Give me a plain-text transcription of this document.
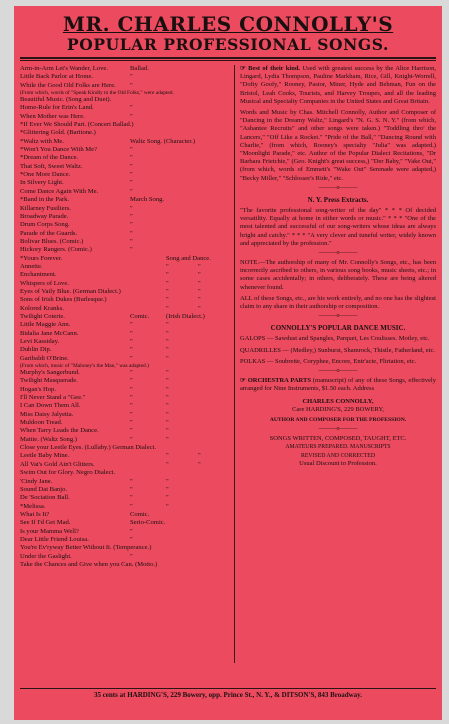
MR. CHARLES CONNOLLY'S
POPULAR PROFESSIONAL SONGS.
Arm-in-Arm Let's Wander, Love.	Ballad.
Little Back Parlor at Home.	"
While the Good Old Folks are Here. "
(From which, words of "Speak Kindly to the Old Folks," were adapted.
Beautiful Music. (Song and Duet).
Home-Rule for Erin's Land.	"
When Mother was Here.	"
*If Ever We Should Part. (Concert Ballad.)
*Glittering Gold. (Baritone.)
*Waltz with Me.	Waltz Song. (Character.)
*Won't You Dance With Me?	"
*Dream of the Dance.	"
That Soft, Sweet Waltz.	"
*One More Dance.	"
In Silvery Light.	"
Come Dance Again With Me.	"
*Band in the Park.	March Song.
Killarney Fusiliers.	"
Broadway Parade.	"
Drum Corps Song.	"
Parade of the Guards.	"
Bolivar Blues. (Comic.)	"
Hickory Rangers. (Comic.)	"
*Yours Forever.	Song and Dance.
Annette.	"	"
Enchantment.	"	"
Whispers of Love.	"	"
Eyes of Vaily Blue. (German Dialect.)	"	"
Sons of Irish Dukes (Burlesque.)	"	"
Kolored Kranks.	"	"
Twilight Coterie.	Comic.	(Irish Dialect.)
Little Maggie Ann.	"	"
Bidalia Jane McCann.	"	"
Levi Kassiday.	"	"
Dublin Dip.	"	"
Garibaldi O'Brine.	"	"
(From which, music of "Maloney's the Man," was adapted.)
Murphy's Sangerbund.	"	"
Twilight Masquerade.	"	"
Hogan's Hop.	"	"
I'll Never Stand a "Gee."	"	"
I Can Down Them All.	"	"
Miss Daisy Jalyetta.	"	"
Muldoon Tread.	"	"
When Tarry Leads the Dance.	"	"
Mattie. (Waltz Song.)	"	"
Close your Leetle Eyes. (Lullaby.) German Dialect.
Leetle Baby Mine.	"	"
All Vat's Gold Ain't Glitters.	"	"
Swim Out for Glory. Negro Dialect.
'Cindy Jane.	"	"
Sound Dat Banjo.	"	"
De 'Sociation Ball.	"	"
*Melissa.	"	"
What Is It?	Comic.
See If I'd Get Mad.	Serio-Comic.
Is your Mamma Well?	"
Dear Little Friend Louisa.	"
You're Ev'ryway Better Without It. (Temperance.)
Under the Gaslight.	"
Take the Chances and Give when you Can. (Motto.)

☞ Best of their kind. Used with greatest success by the Alice Harrison, Lingard, Lydia Thompson, Pauline Markham, Rice, Gill, Knight-Worrell, "Dofty Goofy," Rooney, Pastor, Miner, Hyde and Behman, Fun on the Bristol, Leah Cooks, Tourists, and Harvey Troupes, and all the leading Musical and Specialty Companies in the United States and Great Britain.

Words and Music by Chas. Mitchell Connolly, Author and Composer of "Dancing in the Dreamy Waltz," Lingard's "N. G. S. N. Y." (from which, "Ashantee Recruits" and other songs were taken.) "Toddling thro' the Lancers," "Off Like a Rocket." "Pride of the Ball," "Dancing Round with Charlie," (from which, Rooney's specialty "Julia" was adapted.) "Moonlight Parade," etc. Author of the Popular Dialect Recitations, "Dr Barbara Frietchie," (Geo. Knight's great success,) "Der Baby," "Vake Out," (from which, words of Emmett's "Wake Out" Serenade were adapted,) "Becky Miller," "Schlosser's Ride," etc.

———o———
N. Y. Press Extracts.

"The favorite professional song-writer of the day" * * * Of decided versatility. Equally at home in either words or music." * * * "One of the most talented and successful of our song-writers whose ideas are always bright and catchy." * * * "A very clever and tuneful writer, widely known and appreciated by the profession."

———o———

NOTE.—The authorship of many of Mr. Connolly's Songs, etc., has been incorrectly ascribed to others, in various song books, music sheets, etc.; in some cases accidentally; in others, deliberately. These are being altered whenever found.

ALL of these Songs, etc., are his work entirely, and no one has the slightest claim to any share in their authorship or composition.

———o———
CONNOLLY'S POPULAR DANCE MUSIC.

GALOPS — Sawdust and Spangles, Parquet, Les Coulisses. Motley, etc.

QUADRILLES — (Medley,) Sunburst, Shamrock, Thistle, Fatherland, etc.

POLKAS — Soubrette, Coryphee, Encore, Entr'acte, Flirtation, etc.

———o———

☞ ORCHESTRA PARTS (manuscript) of any of these Songs, effectively arranged for Nine Instruments, $1.50 each. Address

CHARLES CONNOLLY,
Care HARDING'S, 229 BOWERY,
AUTHOR AND COMPOSER FOR THE PROFESSION.
———o———
SONGS WRITTEN, COMPOSED, TAUGHT, ETC.
AMATEURS PREPARED. MANUSCRIPTS
REVISED AND CORRECTED
Usual Discount to Profession.
35 cents at HARDING'S, 229 Bowery, opp. Prince St., N. Y., & DITSON'S, 843 Broadway.
